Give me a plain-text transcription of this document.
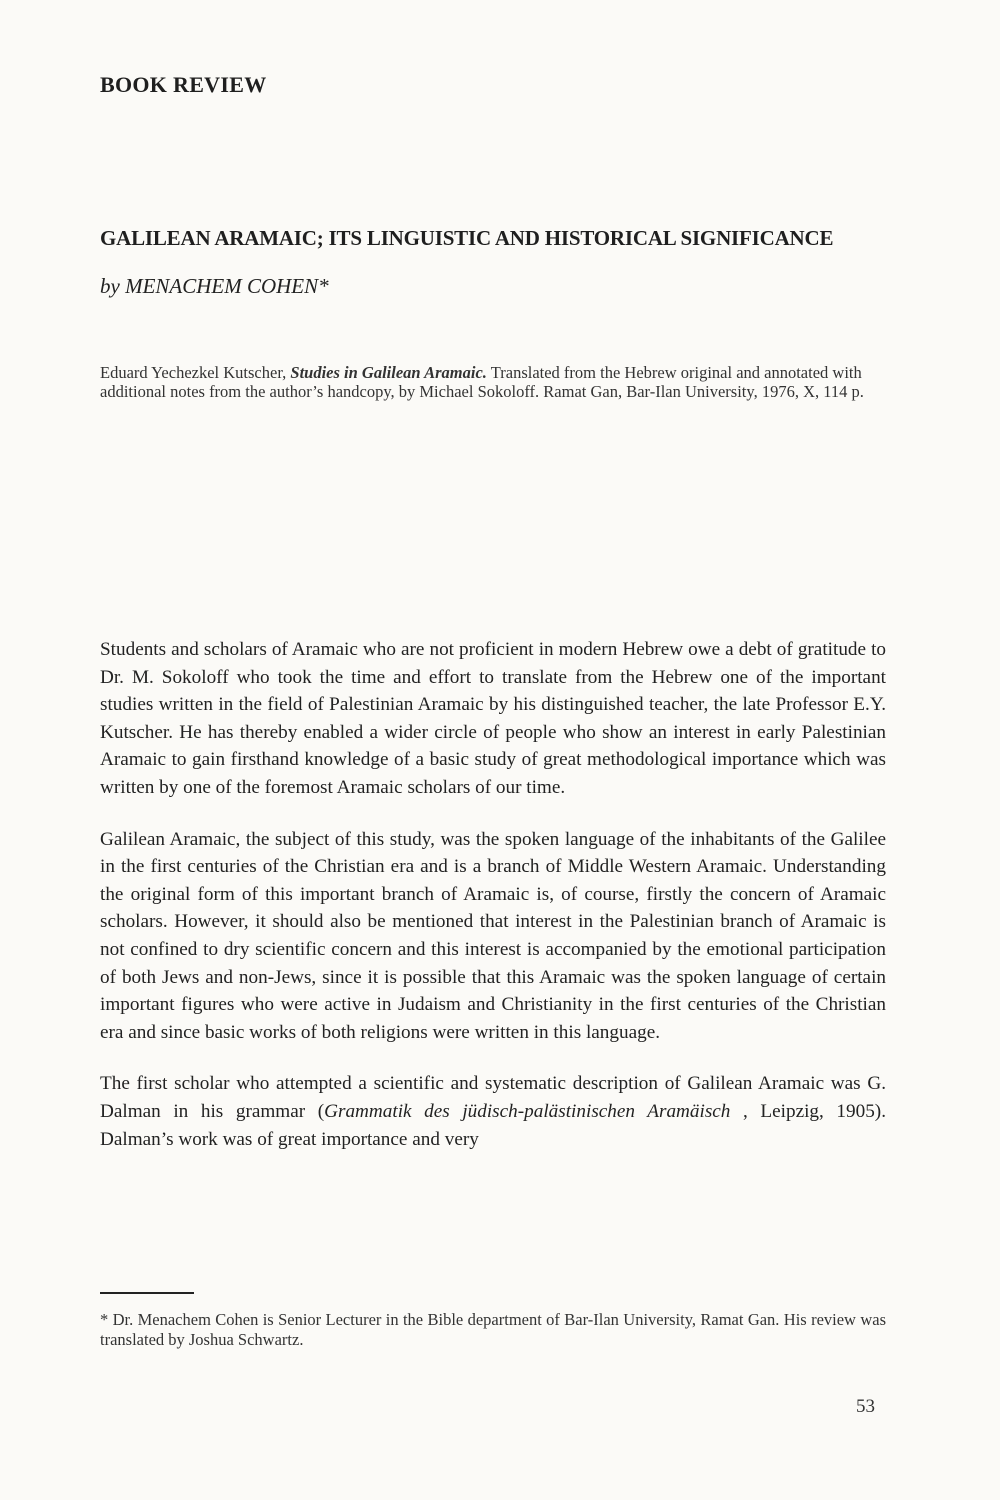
BOOK REVIEW
GALILEAN ARAMAIC; ITS LINGUISTIC AND HISTORICAL SIGNIFICANCE
by MENACHEM COHEN*
Eduard Yechezkel Kutscher, Studies in Galilean Aramaic. Translated from the Hebrew original and annotated with additional notes from the author’s handcopy, by Michael Sokoloff. Ramat Gan, Bar-Ilan University, 1976, X, 114 p.

Students and scholars of Aramaic who are not proficient in modern Hebrew owe a debt of gratitude to Dr. M. Sokoloff who took the time and effort to translate from the Hebrew one of the important studies written in the field of Palestinian Aramaic by his distinguished teacher, the late Professor E.Y. Kutscher. He has thereby enabled a wider circle of people who show an interest in early Palestinian Aramaic to gain firsthand knowledge of a basic study of great methodological importance which was written by one of the foremost Aramaic scholars of our time.

Galilean Aramaic, the subject of this study, was the spoken language of the inhabitants of the Galilee in the first centuries of the Christian era and is a branch of Middle Western Aramaic. Understanding the original form of this important branch of Aramaic is, of course, firstly the concern of Aramaic scholars. However, it should also be mentioned that interest in the Palestinian branch of Aramaic is not confined to dry scientific concern and this interest is accompanied by the emotional participation of both Jews and non-Jews, since it is possible that this Aramaic was the spoken language of certain important figures who were active in Judaism and Christianity in the first centuries of the Christian era and since basic works of both religions were written in this language.

The first scholar who attempted a scientific and systematic description of Galilean Aramaic was G. Dalman in his grammar (Grammatik des jüdisch-palästinischen Aramäisch , Leipzig, 1905). Dalman’s work was of great importance and very

* Dr. Menachem Cohen is Senior Lecturer in the Bible department of Bar-Ilan University, Ramat Gan. His review was translated by Joshua Schwartz.
53
